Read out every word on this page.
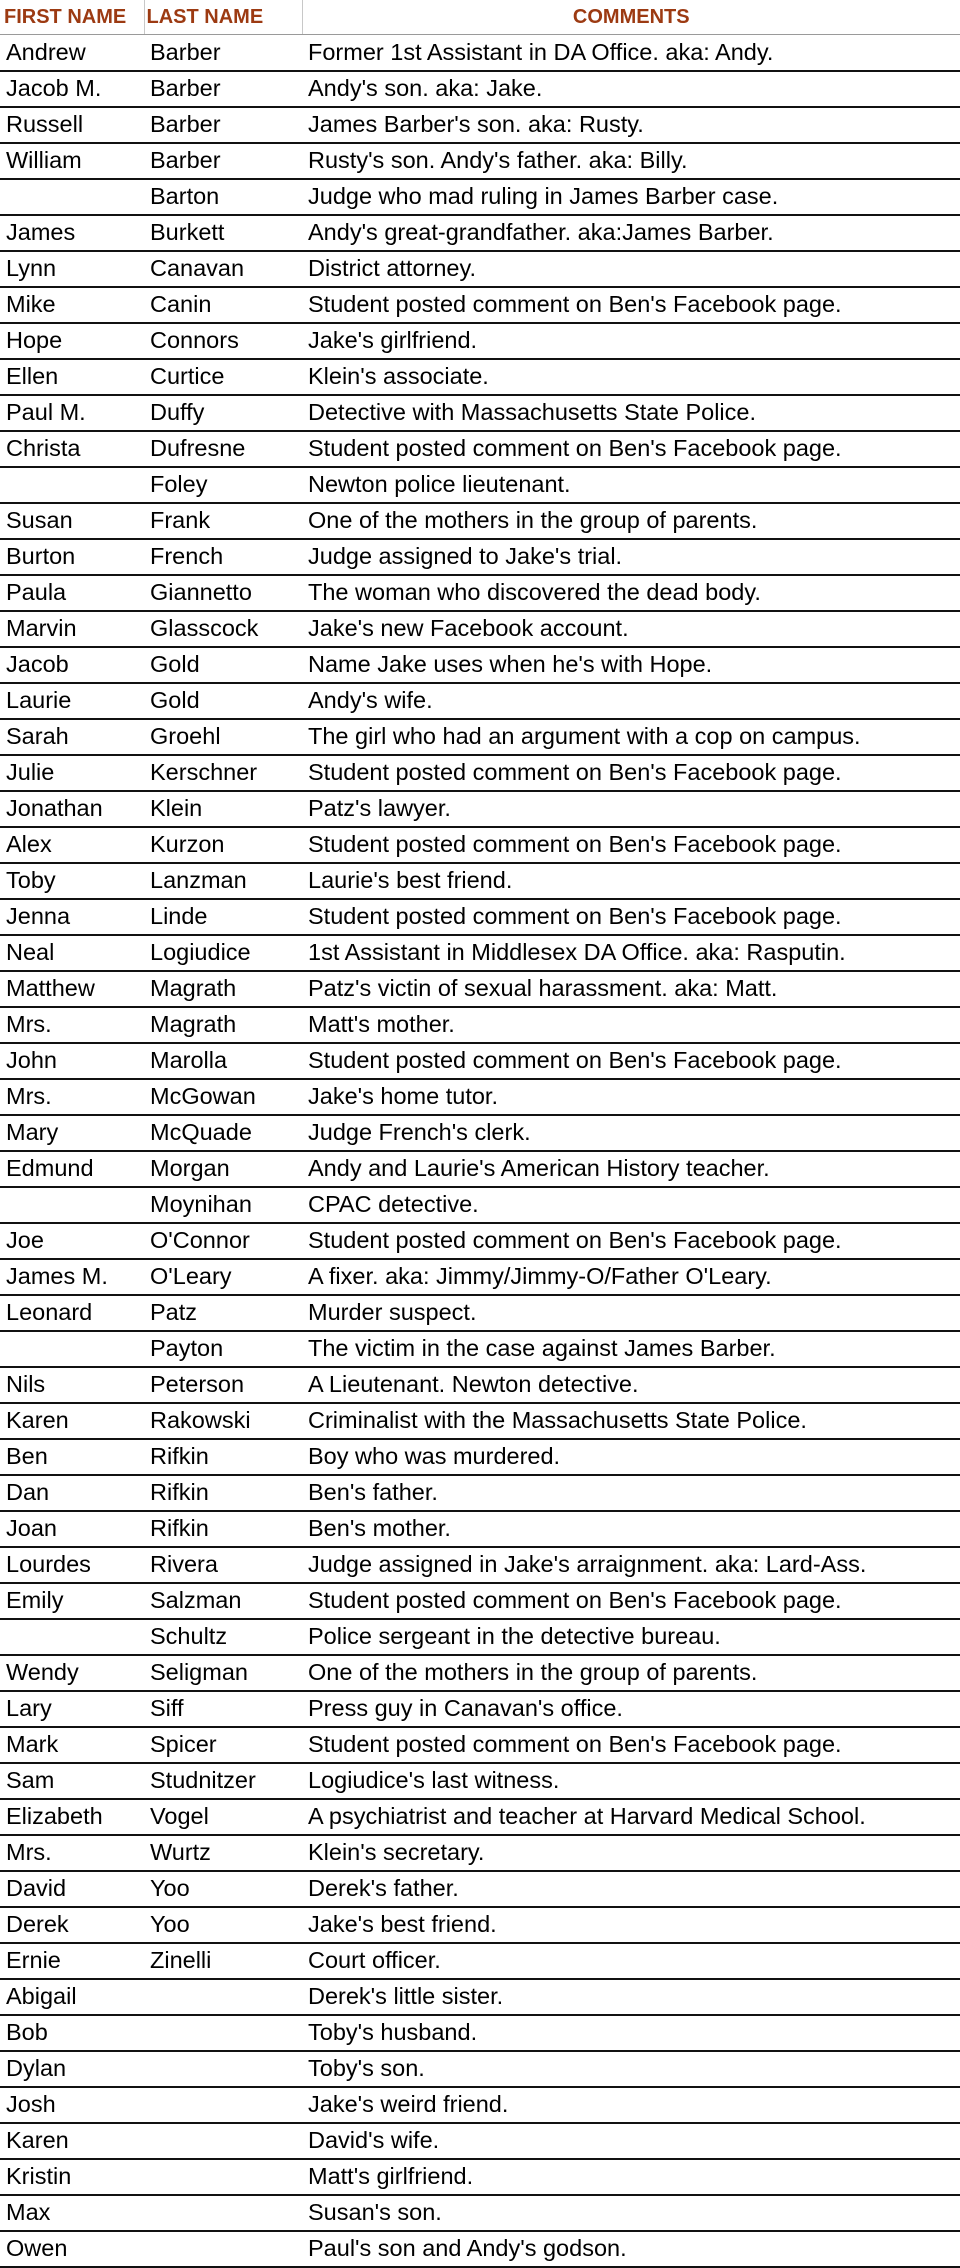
FIRST NAME	LAST NAME	COMMENTS
Andrew	Barber	Former 1st Assistant in DA Office. aka: Andy.
Jacob M.	Barber	Andy's son. aka: Jake.
Russell	Barber	James Barber's son. aka: Rusty.
William	Barber	Rusty's son. Andy's father. aka: Billy.
	Barton	Judge who mad ruling in James Barber case.
James	Burkett	Andy's great-grandfather. aka:James Barber.
Lynn	Canavan	District attorney.
Mike	Canin	Student posted comment on Ben's Facebook page.
Hope	Connors	Jake's girlfriend.
Ellen	Curtice	Klein's associate.
Paul M.	Duffy	Detective with Massachusetts State Police.
Christa	Dufresne	Student posted comment on Ben's Facebook page.
	Foley	Newton police lieutenant.
Susan	Frank	One of the mothers in the group of parents.
Burton	French	Judge assigned to Jake's trial.
Paula	Giannetto	The woman who discovered the dead body.
Marvin	Glasscock	Jake's new Facebook account.
Jacob	Gold	Name Jake uses when he's with Hope.
Laurie	Gold	Andy's wife.
Sarah	Groehl	The girl who had an argument with a cop on campus.
Julie	Kerschner	Student posted comment on Ben's Facebook page.
Jonathan	Klein	Patz's lawyer.
Alex	Kurzon	Student posted comment on Ben's Facebook page.
Toby	Lanzman	Laurie's best friend.
Jenna	Linde	Student posted comment on Ben's Facebook page.
Neal	Logiudice	1st Assistant in Middlesex DA Office. aka: Rasputin.
Matthew	Magrath	Patz's victin of sexual harassment. aka: Matt.
Mrs.	Magrath	Matt's mother.
John	Marolla	Student posted comment on Ben's Facebook page.
Mrs.	McGowan	Jake's home tutor.
Mary	McQuade	Judge French's clerk.
Edmund	Morgan	Andy and Laurie's American History teacher.
	Moynihan	CPAC detective.
Joe	O'Connor	Student posted comment on Ben's Facebook page.
James M.	O'Leary	A fixer. aka: Jimmy/Jimmy-O/Father O'Leary.
Leonard	Patz	Murder suspect.
	Payton	The victim in the case against James Barber.
Nils	Peterson	A Lieutenant. Newton detective.
Karen	Rakowski	Criminalist with the Massachusetts State Police.
Ben	Rifkin	Boy who was murdered.
Dan	Rifkin	Ben's father.
Joan	Rifkin	Ben's mother.
Lourdes	Rivera	Judge assigned in Jake's arraignment. aka: Lard-Ass.
Emily	Salzman	Student posted comment on Ben's Facebook page.
	Schultz	Police sergeant in the detective bureau.
Wendy	Seligman	One of the mothers in the group of parents.
Lary	Siff	Press guy in Canavan's office.
Mark	Spicer	Student posted comment on Ben's Facebook page.
Sam	Studnitzer	Logiudice's last witness.
Elizabeth	Vogel	A psychiatrist and teacher at Harvard Medical School.
Mrs.	Wurtz	Klein's secretary.
David	Yoo	Derek's father.
Derek	Yoo	Jake's best friend.
Ernie	Zinelli	Court officer.
Abigail		Derek's little sister.
Bob		Toby's husband.
Dylan		Toby's son.
Josh		Jake's weird friend.
Karen		David's wife.
Kristin		Matt's girlfriend.
Max		Susan's son.
Owen		Paul's son and Andy's godson.
